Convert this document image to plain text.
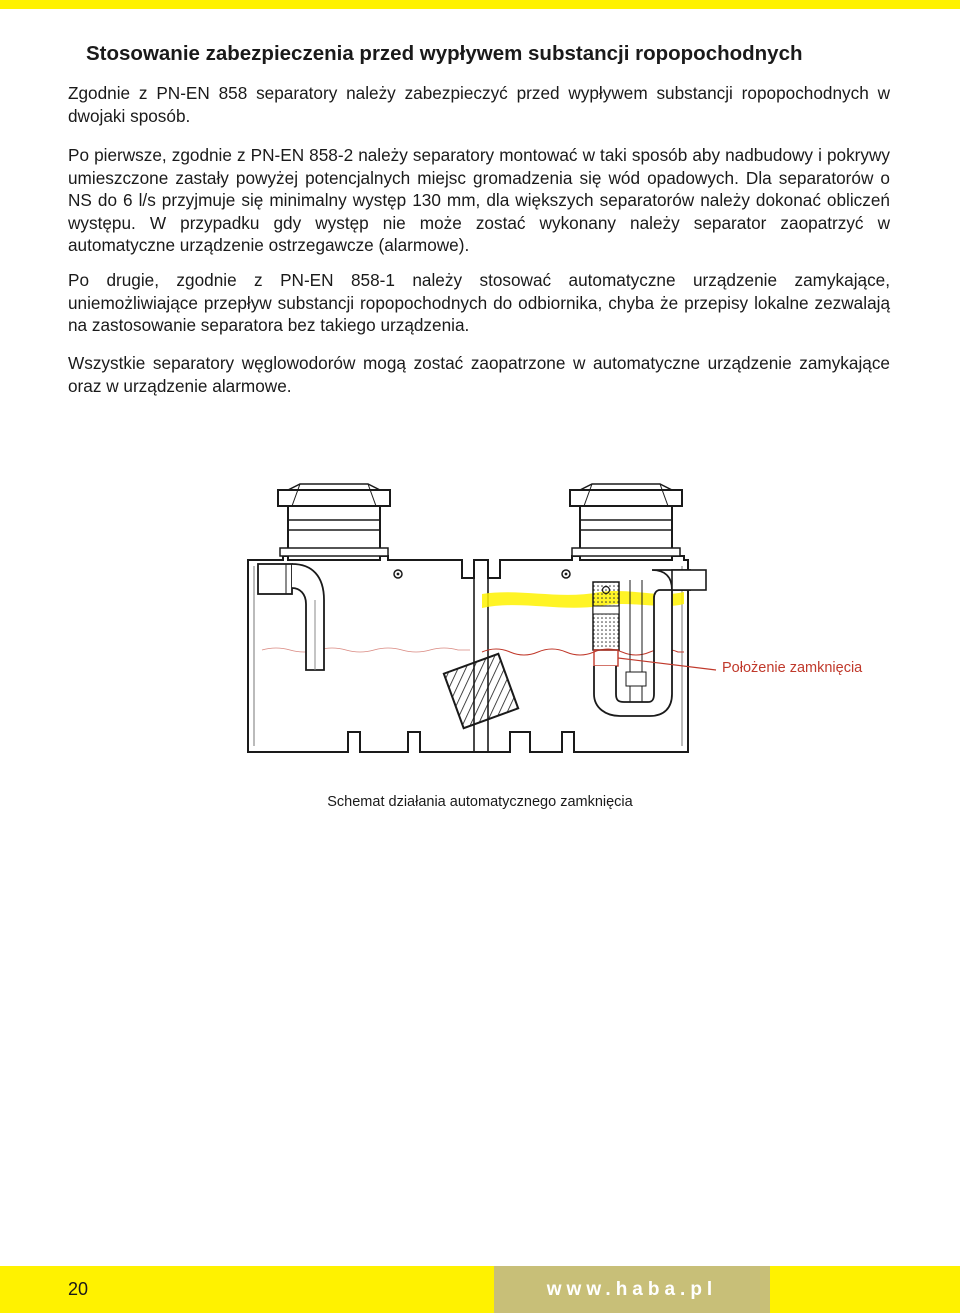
Stosowanie zabezpieczenia przed wypływem substancji ropopochodnych

Zgodnie z PN-EN 858 separatory należy zabezpieczyć przed wypływem substancji ropopochodnych w dwojaki sposób.

Po pierwsze, zgodnie z PN-EN 858-2 należy separatory montować w taki sposób aby nadbudowy i pokrywy umieszczone zastały powyżej potencjalnych miejsc gromadzenia się wód opadowych. Dla separatorów o NS do 6 l/s przyjmuje się minimalny występ 130 mm, dla większych separatorów należy dokonać obliczeń występu. W przypadku gdy występ nie może zostać wykonany należy separator zaopatrzyć w automatyczne urządzenie ostrzegawcze (alarmowe).

Po drugie, zgodnie z PN-EN 858-1 należy stosować automatyczne urządzenie zamykające, uniemożliwiające przepływ substancji ropopochodnych do odbiornika, chyba że przepisy lokalne zezwalają na zastosowanie separatora bez takiego urządzenia.

Wszystkie separatory węglowodorów mogą zostać zaopatrzone w automatyczne urządzenie zamykające oraz w urządzenie alarmowe.

Położenie zamknięcia
Schemat działania automatycznego zamknięcia
20	www.haba.pl
